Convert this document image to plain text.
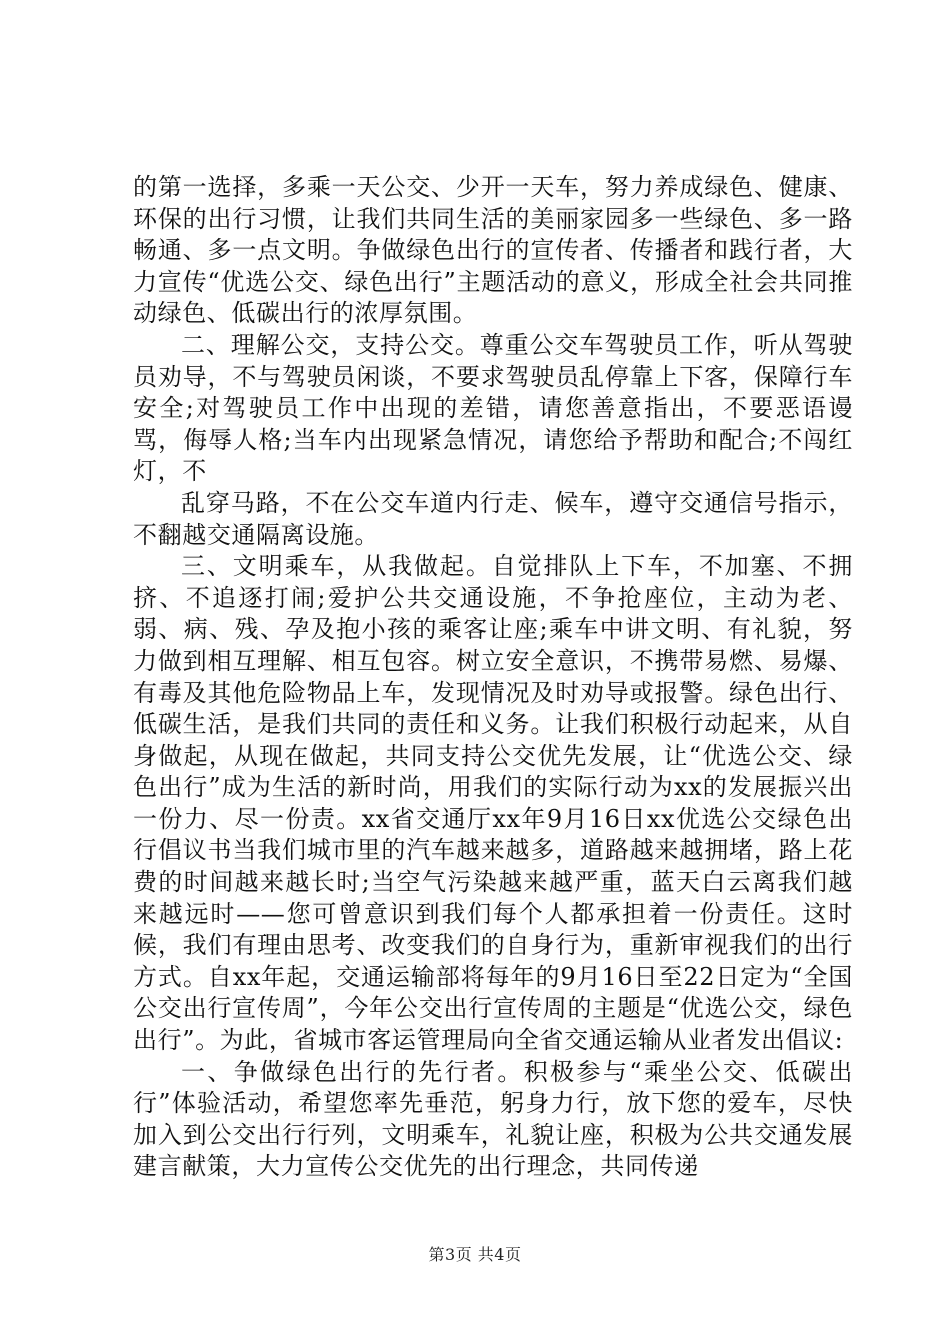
的第一选择，多乘一天公交、少开一天车，努力养成绿色、健康、环保的出行习惯，让我们共同生活的美丽家园多一些绿色、多一路畅通、多一点文明。争做绿色出行的宣传者、传播者和践行者，大力宣传“优选公交、绿色出行”主题活动的意义，形成全社会共同推动绿色、低碳出行的浓厚氛围。

二、理解公交，支持公交。尊重公交车驾驶员工作，听从驾驶员劝导，不与驾驶员闲谈，不要求驾驶员乱停靠上下客，保障行车安全;对驾驶员工作中出现的差错，请您善意指出，不要恶语谩骂，侮辱人格;当车内出现紧急情况，请您给予帮助和配合;不闯红灯，不

乱穿马路，不在公交车道内行走、候车，遵守交通信号指示，不翻越交通隔离设施。

三、文明乘车，从我做起。自觉排队上下车，不加塞、不拥挤、不追逐打闹;爱护公共交通设施，不争抢座位，主动为老、弱、病、残、孕及抱小孩的乘客让座;乘车中讲文明、有礼貌，努力做到相互理解、相互包容。树立安全意识，不携带易燃、易爆、有毒及其他危险物品上车，发现情况及时劝导或报警。绿色出行、低碳生活，是我们共同的责任和义务。让我们积极行动起来，从自身做起，从现在做起，共同支持公交优先发展，让“优选公交、绿色出行”成为生活的新时尚，用我们的实际行动为xx的发展振兴出一份力、尽一份责。xx省交通厅xx年9月16日xx优选公交绿色出行倡议书当我们城市里的汽车越来越多，道路越来越拥堵，路上花费的时间越来越长时;当空气污染越来越严重，蓝天白云离我们越来越远时——您可曾意识到我们每个人都承担着一份责任。这时候，我们有理由思考、改变我们的自身行为，重新审视我们的出行方式。自xx年起，交通运输部将每年的9月16日至22日定为“全国公交出行宣传周”，今年公交出行宣传周的主题是“优选公交，绿色出行”。为此，省城市客运管理局向全省交通运输从业者发出倡议:

一、争做绿色出行的先行者。积极参与“乘坐公交、低碳出行”体验活动，希望您率先垂范，躬身力行，放下您的爱车，尽快加入到公交出行行列，文明乘车，礼貌让座，积极为公共交通发展建言献策，大力宣传公交优先的出行理念，共同传递

第3页 共4页
